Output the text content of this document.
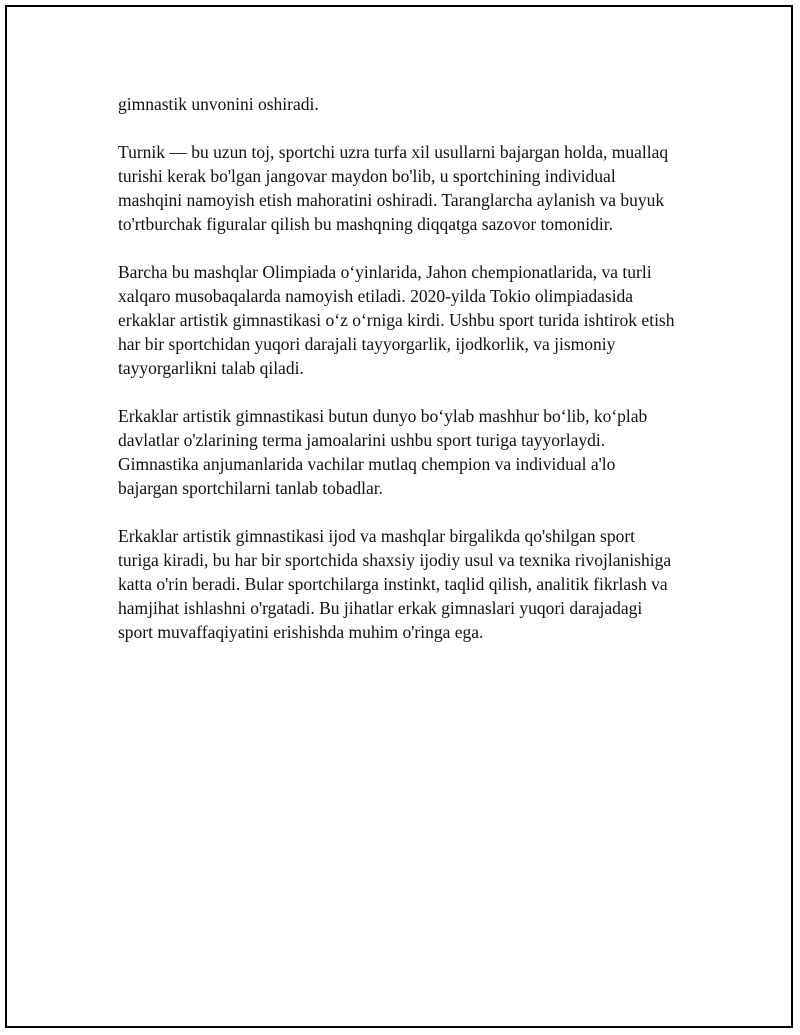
gimnastik unvonini oshiradi.

Turnik — bu uzun toj, sportchi uzra turfa xil usullarni bajargan holda, muallaq turishi kerak bo'lgan jangovar maydon bo'lib, u sportchining individual mashqini namoyish etish mahoratini oshiradi. Taranglarcha aylanish va buyuk to'rtburchak figuralar qilish bu mashqning diqqatga sazovor tomonidir.

Barcha bu mashqlar Olimpiada o‘yinlarida, Jahon chempionatlarida, va turli xalqaro musobaqalarda namoyish etiladi. 2020-yilda Tokio olimpiadasida erkaklar artistik gimnastikasi o‘z o‘rniga kirdi. Ushbu sport turida ishtirok etish har bir sportchidan yuqori darajali tayyorgarlik, ijodkorlik, va jismoniy tayyorgarlikni talab qiladi.

Erkaklar artistik gimnastikasi butun dunyo bo‘ylab mashhur bo‘lib, ko‘plab davlatlar o'zlarining terma jamoalarini ushbu sport turiga tayyorlaydi. Gimnastika anjumanlarida vachilar mutlaq chempion va individual a'lo bajargan sportchilarni tanlab tobadlar.

Erkaklar artistik gimnastikasi ijod va mashqlar birgalikda qo'shilgan sport turiga kiradi, bu har bir sportchida shaxsiy ijodiy usul va texnika rivojlanishiga katta o'rin beradi. Bular sportchilarga instinkt, taqlid qilish, analitik fikrlash va hamjihat ishlashni o'rgatadi. Bu jihatlar erkak gimnaslari yuqori darajadagi sport muvaffaqiyatini erishishda muhim o'ringa ega.
